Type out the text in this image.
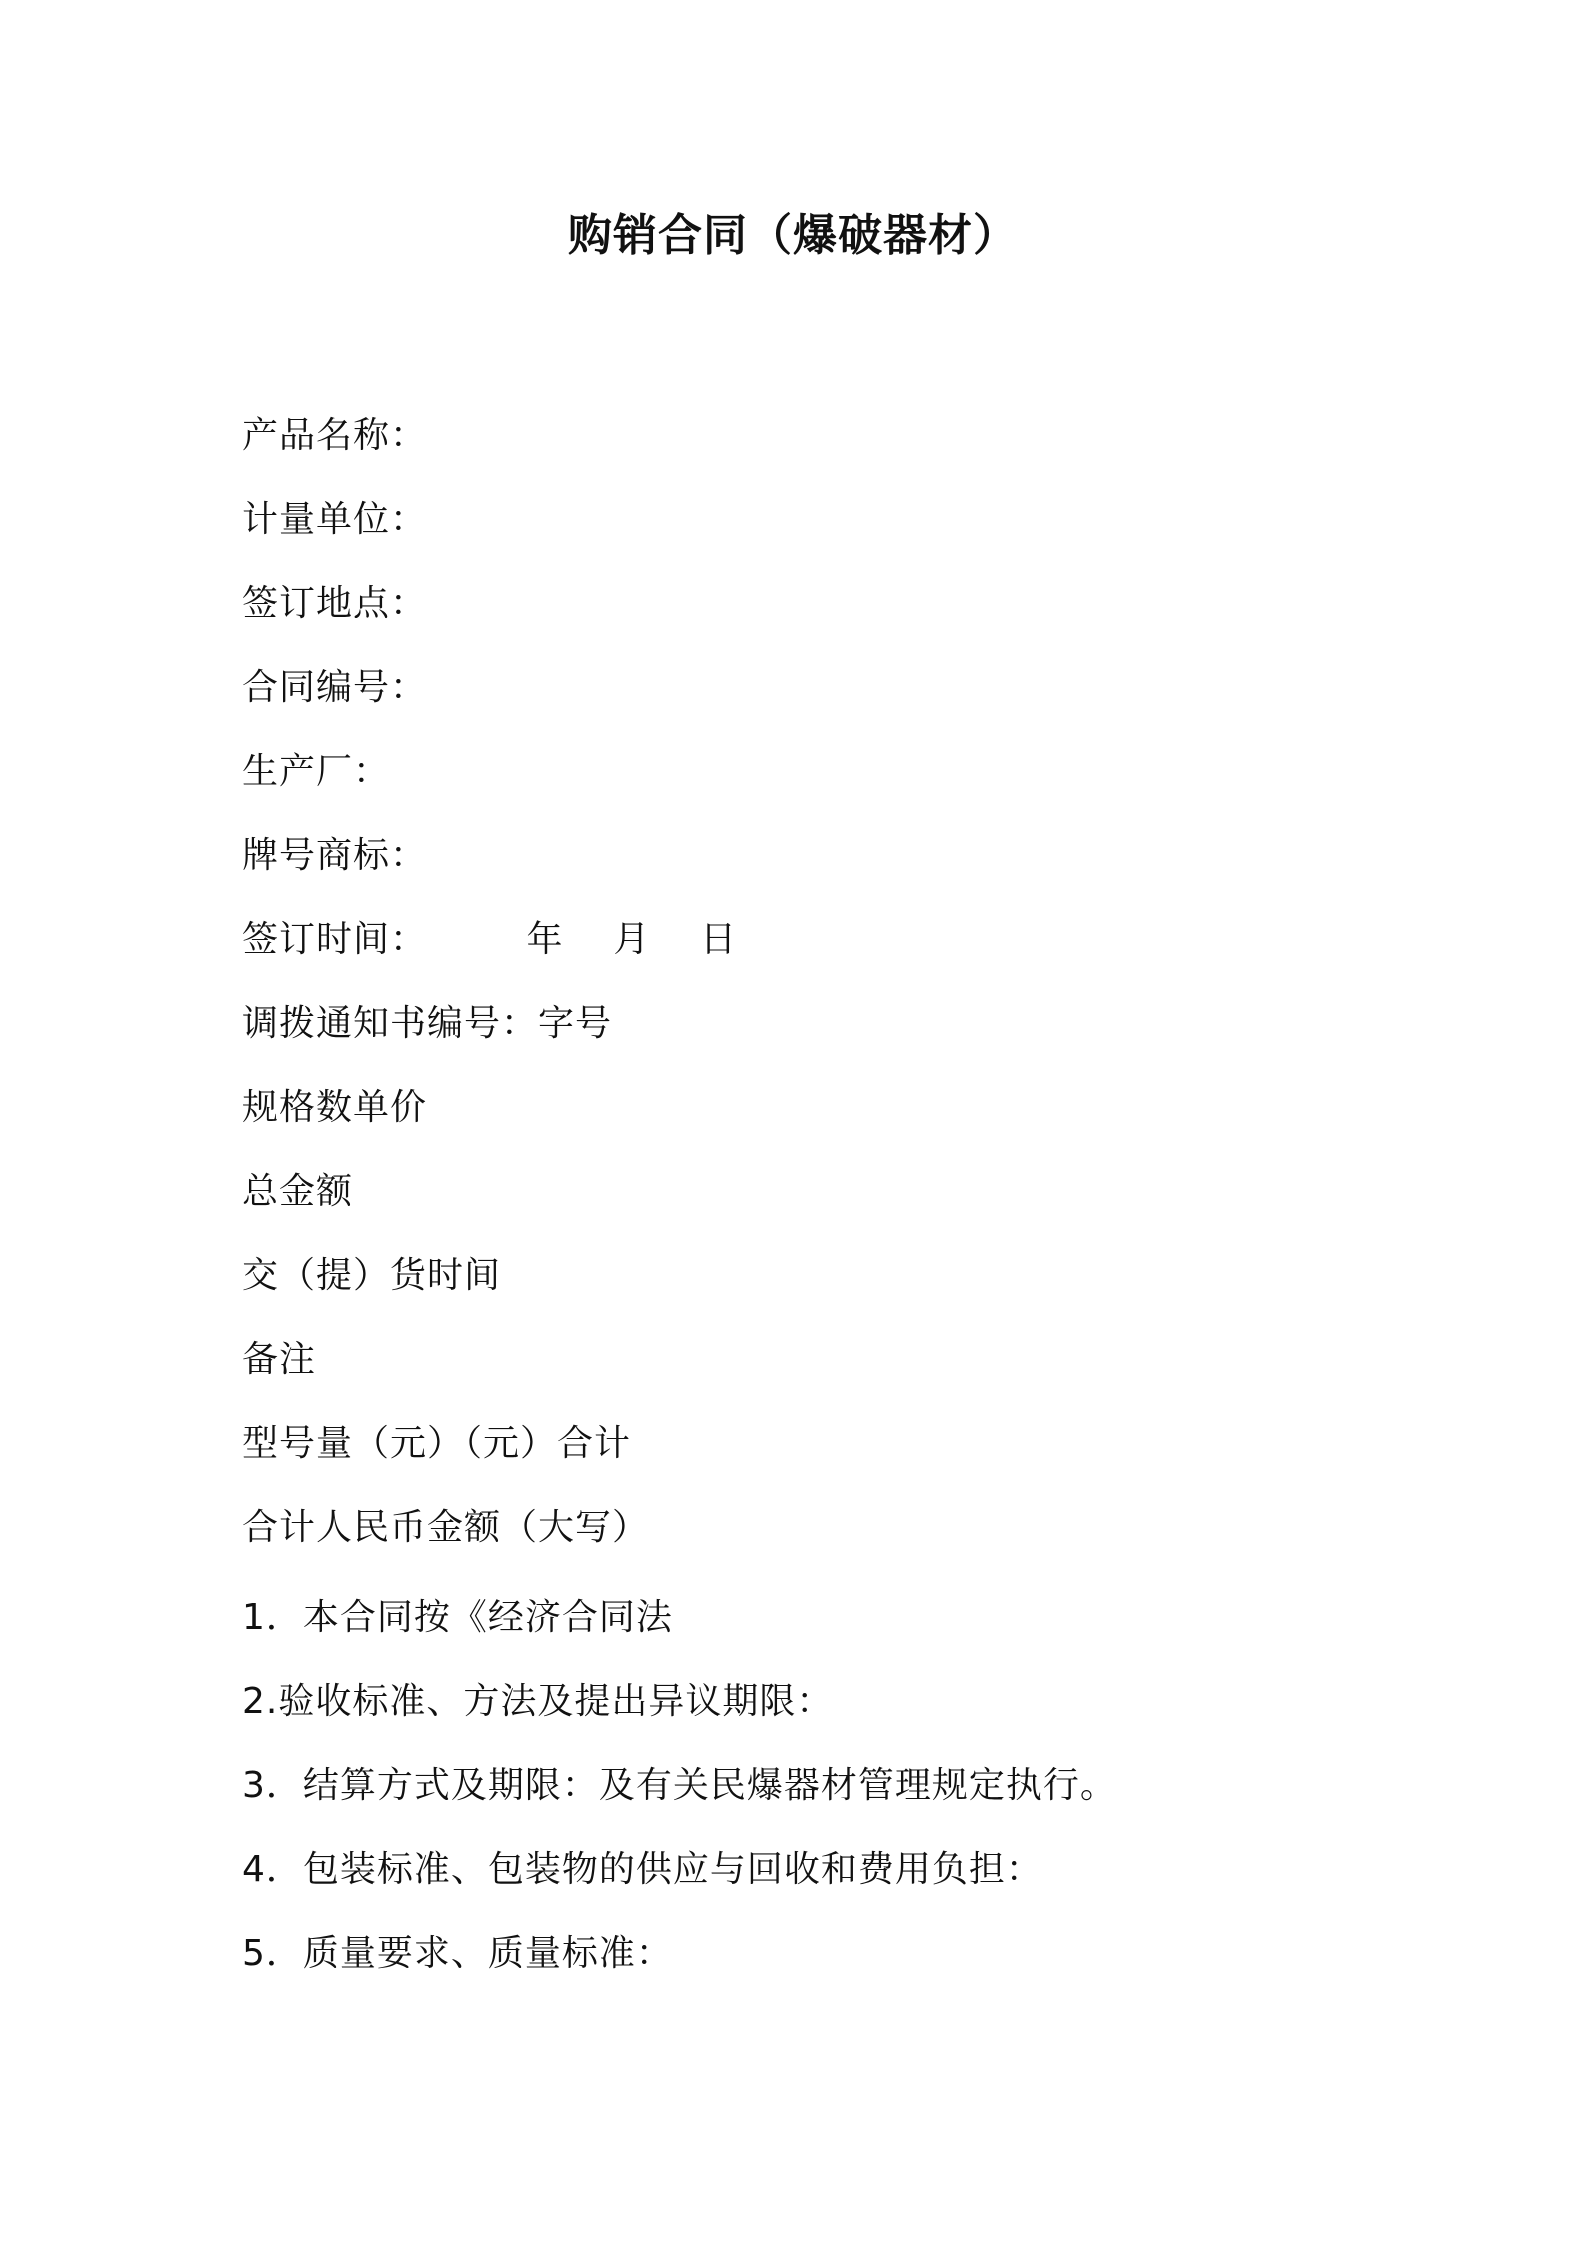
购销合同（爆破器材）
产品名称：
计量单位：
签订地点：
合同编号：
生产厂：
牌号商标：
签订时间：        年    月    日
调拨通知书编号：字号
规格数单价
总金额
交（提）货时间
备注
型号量（元）（元）合计
合计人民币金额（大写）
1．本合同按《经济合同法
2.验收标准、方法及提出异议期限：
3．结算方式及期限：及有关民爆器材管理规定执行。
4．包装标准、包装物的供应与回收和费用负担：
5．质量要求、质量标准：
